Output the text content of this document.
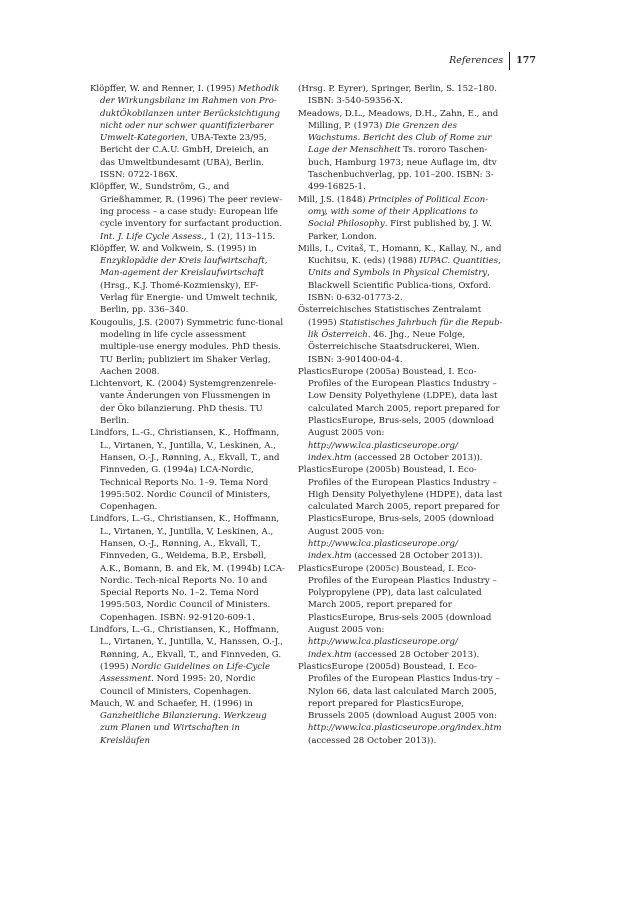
References	177

Klöpffer, W. and Renner, I. (1995) Methodik der Wirkungsbilanz im Rahmen von Pro-duktÖkobilanzen unter Berücksichtigung nicht oder nur schwer quantifizierbarer Umwelt-Kategorien, UBA-Texte 23/95, Bericht der C.A.U. GmbH, Dreieich, an das Umweltbundesamt (UBA), Berlin. ISSN: 0722-186X.

Klöpffer, W., Sundström, G., and Grießhammer, R. (1996) The peer review-ing process – a case study: European life cycle inventory for surfactant production. Int. J. Life Cycle Assess., 1 (2), 113–115.

Klöpffer, W. and Volkwein, S. (1995) in Enzyklopädie der Kreis laufwirtschaft, Man-agement der Kreislaufwirtschaft (Hrsg., K.J. Thomé-Kozmiensky), EF-Verlag für Energie- und Umwelt technik, Berlin, pp. 336–340.

Kougoulis, J.S. (2007) Symmetric func-tional modeling in life cycle assessment multiple-use energy modules. PhD thesis. TU Berlin; publiziert im Shaker Verlag, Aachen 2008.

Lichtenvort, K. (2004) Systemgrenzenrele-vante Änderungen von Flussmengen in der Öko bilanzierung. PhD thesis. TU Berlin.

Lindfors, L.-G., Christiansen, K., Hoffmann, L., Virtanen, Y., Juntilla, V., Leskinen, A., Hansen, O.-J., Rønning, A., Ekvall, T., and Finnveden, G. (1994a) LCA-Nordic, Technical Reports No. 1–9. Tema Nord 1995:502. Nordic Council of Ministers, Copenhagen.

Lindfors, L.-G., Christiansen, K., Hoffmann, L., Virtanen, Y., Juntilla, V, Leskinen, A., Hansen, O.-J., Rønning, A., Ekvall, T., Finnveden, G., Weidema, B.P., Ersbøll, A.K., Bomann, B. and Ek, M. (1994b) LCA-Nordic. Tech-nical Reports No. 10 and Special Reports No. 1–2. Tema Nord 1995:503, Nordic Council of Ministers. Copenhagen. ISBN: 92-9120-609-1.

Lindfors, L.-G., Christiansen, K., Hoffmann, L., Virtanen, Y., Juntilla, V., Hanssen, O.-J., Rønning, A., Ekvall, T., and Finnveden, G. (1995) Nordic Guidelines on Life-Cycle Assessment. Nord 1995: 20, Nordic Council of Ministers, Copenhagen.

Mauch, W. and Schaefer, H. (1996) in Ganzheitliche Bilanzierung. Werkzeug zum Planen und Wirtschaften in Kreisläufen

(Hrsg. P. Eyrer), Springer, Berlin, S. 152–180. ISBN: 3-540-59356-X.

Meadows, D.L., Meadows, D.H., Zahn, E., and Milling, P. (1973) Die Grenzen des Wachstums. Bericht des Club of Rome zur Lage der Menschheit Ts. rororo Taschen-buch, Hamburg 1973; neue Auflage im, dtv Taschenbuchverlag, pp. 101–200. ISBN: 3-499-16825-1.

Mill, J.S. (1848) Principles of Political Econ-omy, with some of their Applications to Social Philosophy. First published by, J. W. Parker, London.

Mills, I., Cvitaš, T., Homann, K., Kallay, N., and Kuchitsu, K. (eds) (1988) IUPAC. Quantities, Units and Symbols in Physical Chemistry, Blackwell Scientific Publica-tions, Oxford. ISBN: 0-632-01773-2.

Österreichisches Statistisches Zentralamt (1995) Statistisches Jahrbuch für die Repub-lik Österreich. 46. Jhg., Neue Folge, Österreichische Staatsdruckerei, Wien. ISBN: 3-901400-04-4.

PlasticsEurope (2005a) Boustead, I. Eco-Profiles of the European Plastics Industry – Low Density Polyethylene (LDPE), data last calculated March 2005, report prepared for PlasticsEurope, Brus-sels, 2005 (download August 2005 von: http://www.lca.plasticseurope.org/ index.htm (accessed 28 October 2013)).

PlasticsEurope (2005b) Boustead, I. Eco-Profiles of the European Plastics Industry – High Density Polyethylene (HDPE), data last calculated March 2005, report prepared for PlasticsEurope, Brus-sels, 2005 (download August 2005 von: http://www.lca.plasticseurope.org/ index.htm (accessed 28 October 2013)).

PlasticsEurope (2005c) Boustead, I. Eco-Profiles of the European Plastics Industry – Polypropylene (PP), data last calculated March 2005, report prepared for PlasticsEurope, Brus-sels 2005 (download August 2005 von: http://www.lca.plasticseurope.org/ index.htm (accessed 28 October 2013).

PlasticsEurope (2005d) Boustead, I. Eco-Profiles of the European Plastics Indus-try – Nylon 66, data last calculated March 2005, report prepared for PlasticsEurope, Brussels 2005 (download August 2005 von: http://www.lca.plasticseurope.org/index.htm (accessed 28 October 2013)).
